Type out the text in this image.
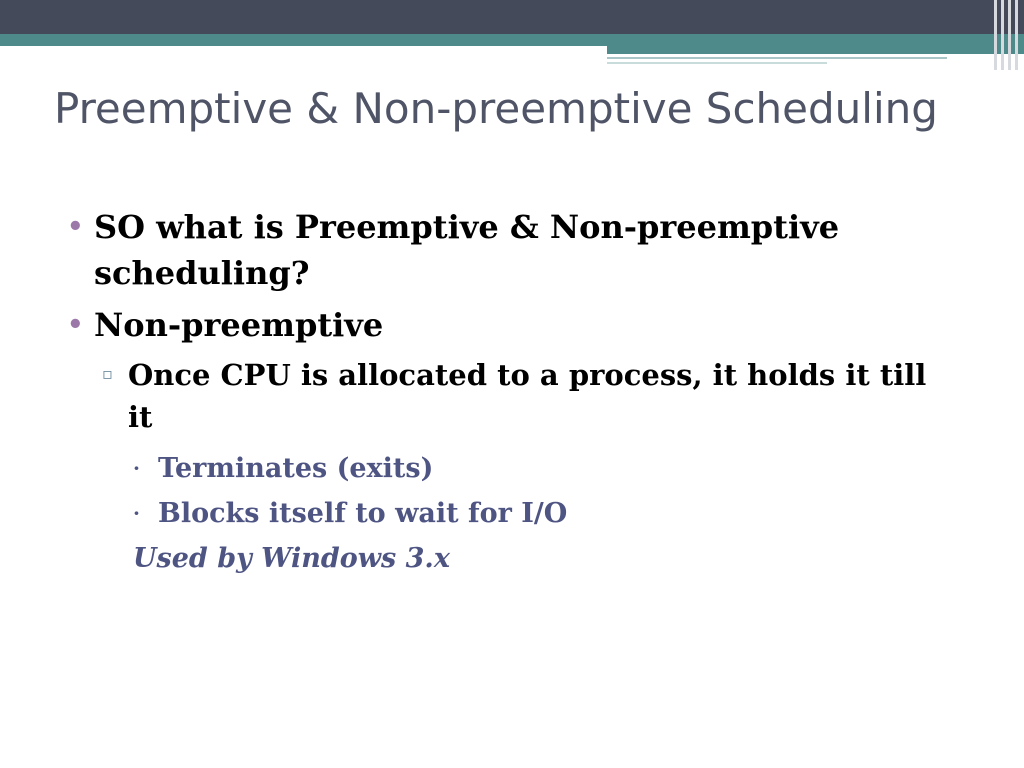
Preemptive & Non-preemptive Scheduling
• SO what is Preemptive & Non-preemptive scheduling?
• Non-preemptive
▫ Once CPU is allocated to a process, it holds it till it
· Terminates (exits)
· Blocks itself to wait for I/O
Used by Windows 3.x
